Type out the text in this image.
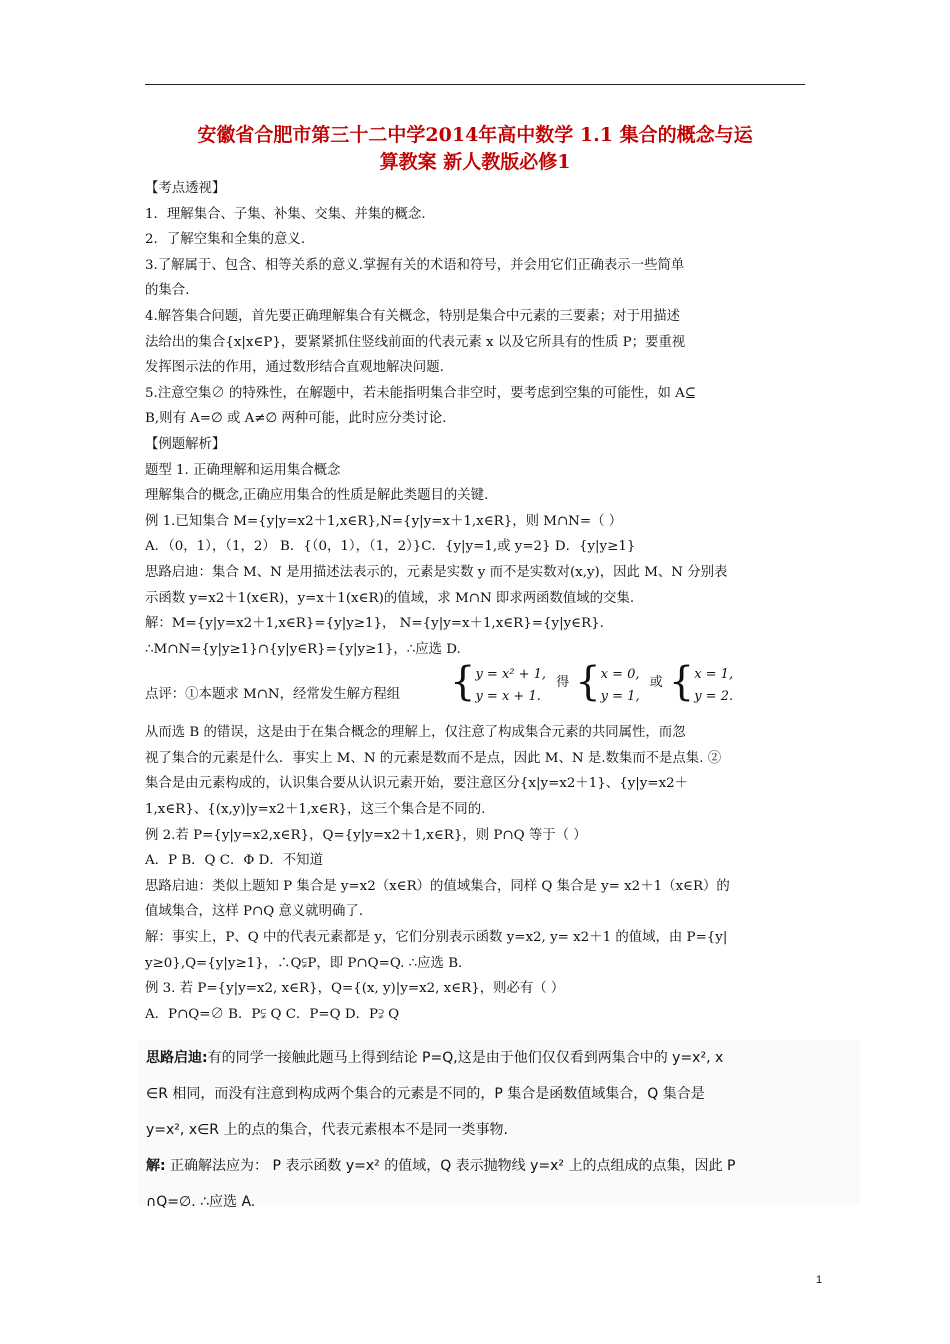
安徽省合肥市第三十二中学2014年高中数学 1.1 集合的概念与运
算教案 新人教版必修1

【考点透视】

1．理解集合、子集、补集、交集、并集的概念.

2．了解空集和全集的意义.

3.了解属于、包含、相等关系的意义.掌握有关的术语和符号，并会用它们正确表示一些简单

的集合.

4.解答集合问题，首先要正确理解集合有关概念，特别是集合中元素的三要素；对于用描述

法给出的集合{x|x∈P}，要紧紧抓住竖线前面的代表元素 x 以及它所具有的性质 P；要重视

发挥图示法的作用，通过数形结合直观地解决问题.

5.注意空集∅ 的特殊性，在解题中，若未能指明集合非空时，要考虑到空集的可能性，如 A⊆

B,则有 A=∅ 或 A≠∅ 两种可能，此时应分类讨论.

【例题解析】

题型 1. 正确理解和运用集合概念

理解集合的概念,正确应用集合的性质是解此类题目的关键.

例 1.已知集合 M={y|y=x2＋1,x∈R},N={y|y=x＋1,x∈R}，则 M∩N=（ ）

A．（0，1），（1，2） B．{（0，1），（1，2）}C．{y|y=1,或 y=2} D．{y|y≥1}

思路启迪：集合 M、N 是用描述法表示的，元素是实数 y 而不是实数对(x,y)，因此 M、N 分别表

示函数 y=x2＋1(x∈R)，y=x＋1(x∈R)的值域，求 M∩N 即求两函数值域的交集.

解：M={y|y=x2＋1,x∈R}={y|y≥1}， N={y|y=x＋1,x∈R}={y|y∈R}.

∴M∩N={y|y≥1}∩{y|y∈R}={y|y≥1}，∴应选 D.

点评：①本题求 M∩N，经常发生解方程组 {y = x² + 1,
y = x + 1. 得 {x = 0,
y = 1, 或 {x = 1,
y = 2.

从而选 B 的错误，这是由于在集合概念的理解上，仅注意了构成集合元素的共同属性，而忽

视了集合的元素是什么．事实上 M、N 的元素是数而不是点，因此 M、N 是.数集而不是点集. ②

集合是由元素构成的，认识集合要从认识元素开始，要注意区分{x|y=x2＋1}、{y|y=x2＋

1,x∈R}、{(x,y)|y=x2＋1,x∈R}，这三个集合是不同的.

例 2.若 P={y|y=x2,x∈R}，Q={y|y=x2＋1,x∈R}，则 P∩Q 等于（ ）

A．P B．Q C．Φ D．不知道

思路启迪：类似上题知 P 集合是 y=x2（x∈R）的值域集合，同样 Q 集合是 y= x2＋1（x∈R）的

值域集合，这样 P∩Q 意义就明确了.

解：事实上，P、Q 中的代表元素都是 y，它们分别表示函数 y=x2, y= x2＋1 的值域，由 P={y|

y≥0},Q={y|y≥1}，∴Q⫋P，即 P∩Q=Q. ∴应选 B.

例 3. 若 P={y|y=x2, x∈R}，Q={(x, y)|y=x2, x∈R}，则必有（ ）

A．P∩Q=∅ B．P⫋ Q C．P=Q D．P⫌ Q

思路启迪:有的同学一接触此题马上得到结论 P=Q,这是由于他们仅仅看到两集合中的 y=x², x

∈R 相同，而没有注意到构成两个集合的元素是不同的，P 集合是函数值域集合，Q 集合是

y=x², x∈R 上的点的集合，代表元素根本不是同一类事物.

解: 正确解法应为： P 表示函数 y=x² 的值域，Q 表示抛物线 y=x² 上的点组成的点集，因此 P

∩Q=∅. ∴应选 A.

1
